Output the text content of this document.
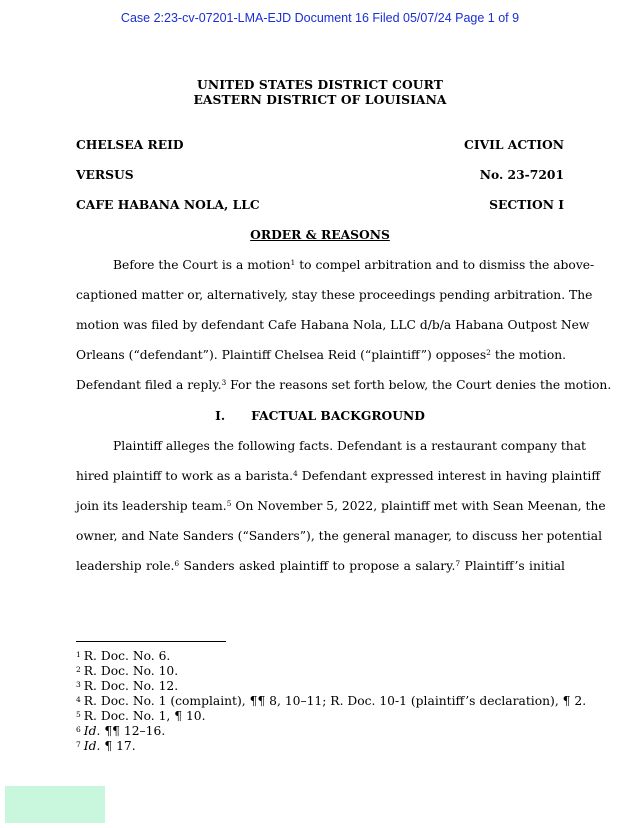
Case 2:23-cv-07201-LMA-EJD Document 16 Filed 05/07/24 Page 1 of 9
UNITED STATES DISTRICT COURT
EASTERN DISTRICT OF LOUISIANA
CHELSEA REID	CIVIL ACTION
VERSUS	No. 23-7201
CAFE HABANA NOLA, LLC	SECTION I
ORDER & REASONS
Before the Court is a motion$^1$ to compel arbitration and to dismiss the above-
captioned matter or, alternatively, stay these proceedings pending arbitration. The
motion was filed by defendant Cafe Habana Nola, LLC d/b/a Habana Outpost New
Orleans (“defendant”). Plaintiff Chelsea Reid (“plaintiff”) opposes$^2$ the motion.
Defendant filed a reply.$^3$ For the reasons set forth below, the Court denies the motion.
I. FACTUAL BACKGROUND
Plaintiff alleges the following facts. Defendant is a restaurant company that
hired plaintiff to work as a barista.$^4$ Defendant expressed interest in having plaintiff
join its leadership team.$^5$ On November 5, 2022, plaintiff met with Sean Meenan, the
owner, and Nate Sanders (“Sanders”), the general manager, to discuss her potential
leadership role.$^6$ Sanders asked plaintiff to propose a salary.$^7$ Plaintiff’s initial
$^1$ R. Doc. No. 6.
$^2$ R. Doc. No. 10.
$^3$ R. Doc. No. 12.
$^4$ R. Doc. No. 1 (complaint), ¶¶ 8, 10–11; R. Doc. 10-1 (plaintiff’s declaration), ¶ 2.
$^5$ R. Doc. No. 1, ¶ 10.
$^6$ Id. ¶¶ 12–16.
$^7$ Id. ¶ 17.
